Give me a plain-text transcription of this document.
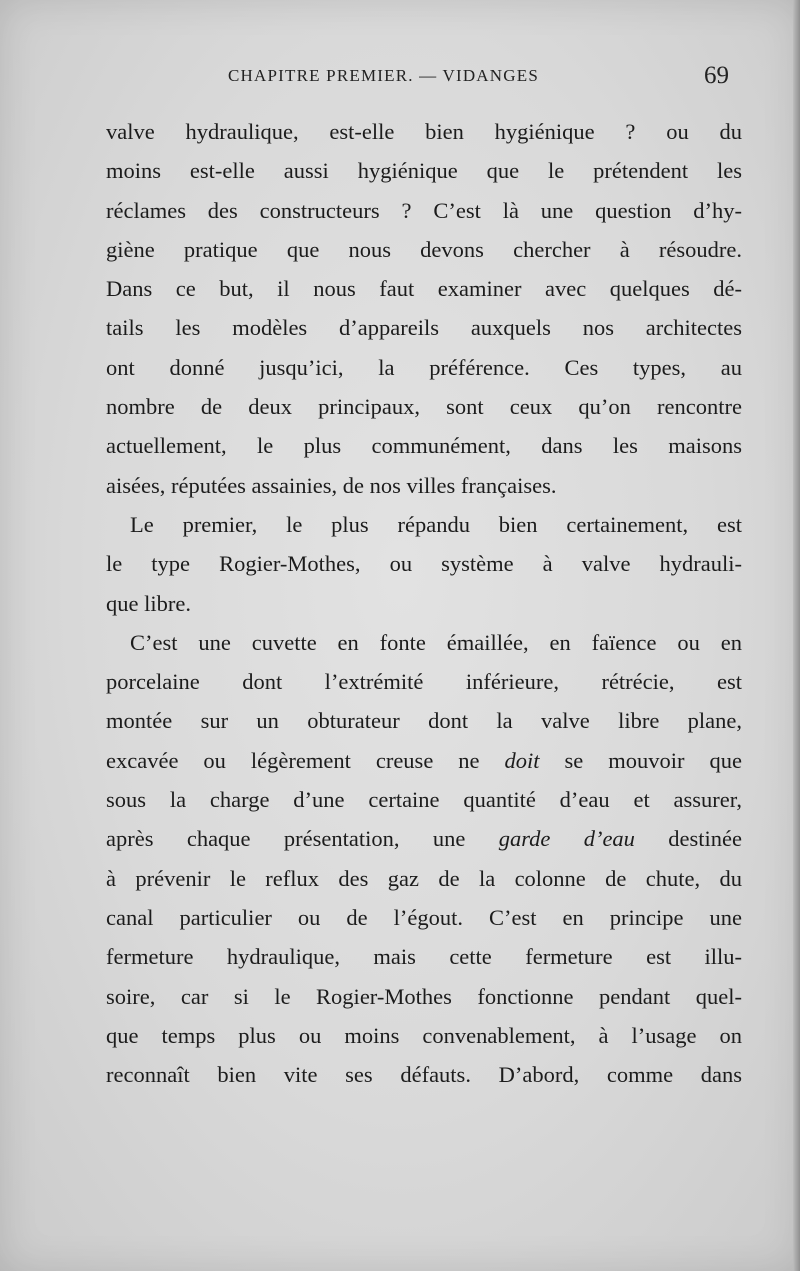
CHAPITRE PREMIER. — VIDANGES	69

valve hydraulique, est-elle bien hygiénique ? ou du
moins est-elle aussi hygiénique que le prétendent les
réclames des constructeurs ? C’est là une question d’hy-
giène pratique que nous devons chercher à résoudre.
Dans ce but, il nous faut examiner avec quelques dé-
tails les modèles d’appareils auxquels nos architectes
ont donné jusqu’ici, la préférence. Ces types, au
nombre de deux principaux, sont ceux qu’on rencontre
actuellement, le plus communément, dans les maisons
aisées, réputées assainies, de nos villes françaises.

Le premier, le plus répandu bien certainement, est
le type Rogier-Mothes, ou système à valve hydrauli-
que libre.

C’est une cuvette en fonte émaillée, en faïence ou en
porcelaine dont l’extrémité inférieure, rétrécie, est
montée sur un obturateur dont la valve libre plane,
excavée ou légèrement creuse ne doit se mouvoir que
sous la charge d’une certaine quantité d’eau et assurer,
après chaque présentation, une garde d’eau destinée
à prévenir le reflux des gaz de la colonne de chute, du
canal particulier ou de l’égout. C’est en principe une
fermeture hydraulique, mais cette fermeture est illu-
soire, car si le Rogier-Mothes fonctionne pendant quel-
que temps plus ou moins convenablement, à l’usage on
reconnaît bien vite ses défauts. D’abord, comme dans
